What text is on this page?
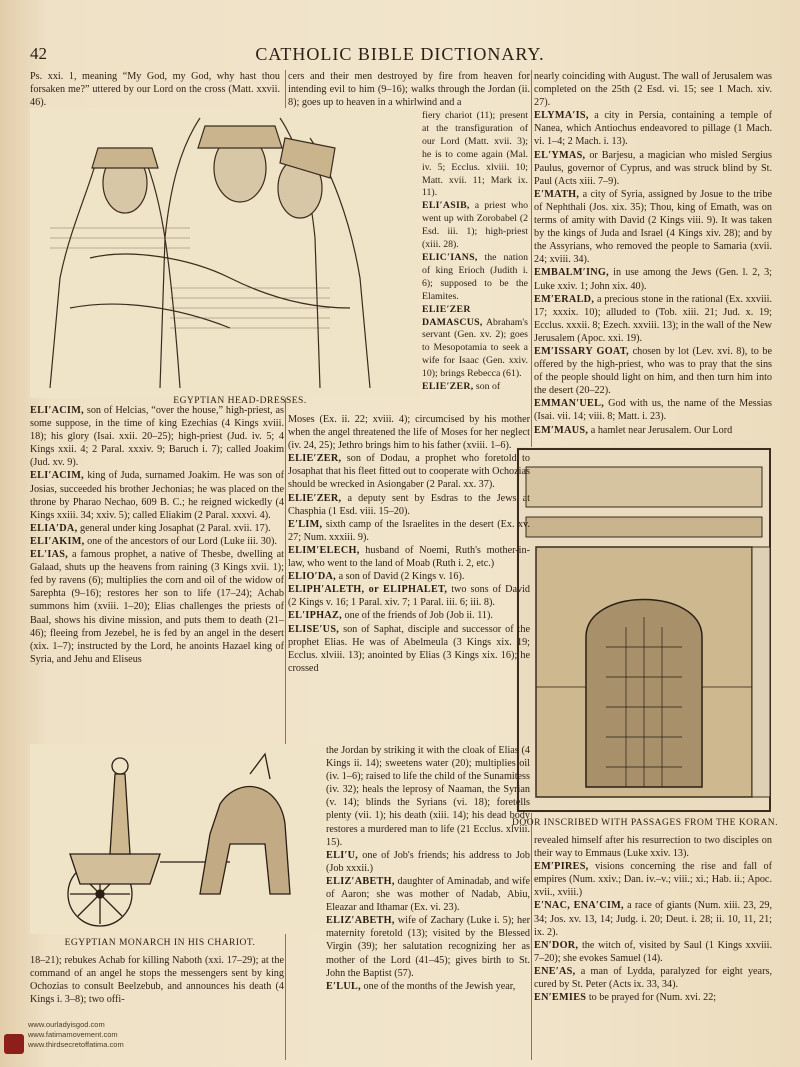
42	CATHOLIC BIBLE DICTIONARY.
EGYPTIAN HEAD-DRESSES.
DOOR INSCRIBED WITH PASSAGES FROM THE KORAN.
EGYPTIAN MONARCH IN HIS CHARIOT.

Ps. xxi. 1, meaning “My God, my God, why hast thou forsaken me?” uttered by our Lord on the cross (Matt. xxvii. 46).

ELI′ACIM, son of Helcias, “over the house,” high-priest, as some suppose, in the time of king Ezechias (4 Kings xviii. 18); his glory (Isai. xxii. 20–25); high-priest (Jud. iv. 5; 4 Kings xxii. 4; 2 Paral. xxxiv. 9; Baruch i. 7); called Joakim (Jud. xv. 9).

ELI′ACIM, king of Juda, surnamed Joakim. He was son of Josias, succeeded his brother Jechonias; he was placed on the throne by Pharao Nechao, 609 B. C.; he reigned wickedly (4 Kings xxiii. 34; xxiv. 5); called Eliakim (2 Paral. xxxvi. 4).

ELIA′DA, general under king Josaphat (2 Paral. xvii. 17).

ELI′AKIM, one of the ancestors of our Lord (Luke iii. 30).

EL′IAS, a famous prophet, a native of Thesbe, dwelling at Galaad, shuts up the heavens from raining (3 Kings xvii. 1); fed by ravens (6); multiplies the corn and oil of the widow of Sarephta (9–16); restores her son to life (17–24); Achab summons him (xviii. 1–20); Elias challenges the priests of Baal, shows his divine mission, and puts them to death (21–46); fleeing from Jezebel, he is fed by an angel in the desert (xix. 1–7); instructed by the Lord, he anoints Hazael king of Syria, and Jehu and Eliseus

18–21); rebukes Achab for killing Naboth (xxi. 17–29); at the command of an angel he stops the messengers sent by king Ochozias to consult Beelzebub, and announces his death (4 Kings i. 3–8); two offi-

cers and their men destroyed by fire from heaven for intending evil to him (9–16); walks through the Jordan (ii. 8); goes up to heaven in a whirlwind and a

fiery chariot (11); present at the transfiguration of our Lord (Matt. xvii. 3); he is to come again (Mal. iv. 5; Ecclus. xlviii. 10; Matt. xvii. 11; Mark ix. 11).

ELI′ASIB, a priest who went up with Zorobabel (2 Esd. iii. 1); high-priest (xiii. 28).

ELIC′IANS, the nation of king Erioch (Judith i. 6); supposed to be the Elamites.

ELIE′ZER DAMASCUS, Abraham's servant (Gen. xv. 2); goes to Mesopotamia to seek a wife for Isaac (Gen. xxiv. 10); brings Rebecca (61).

ELIE′ZER, son of

Moses (Ex. ii. 22; xviii. 4); circumcised by his mother when the angel threatened the life of Moses for her neglect (iv. 24, 25); Jethro brings him to his father (xviii. 1–6).

ELIE′ZER, son of Dodau, a prophet who foretold to Josaphat that his fleet fitted out to cooperate with Ochozias should be wrecked in Asiongaber (2 Paral. xx. 37).

ELIE′ZER, a deputy sent by Esdras to the Jews at Chasphia (1 Esd. viii. 15–20).

E′LIM, sixth camp of the Israelites in the desert (Ex. xv. 27; Num. xxxiii. 9).

ELIM′ELECH, husband of Noemi, Ruth's mother-in-law, who went to the land of Moab (Ruth i. 2, etc.)

ELIO′DA, a son of David (2 Kings v. 16).

ELIPH′ALETH, or ELIPHALET, two sons of David (2 Kings v. 16; 1 Paral. xiv. 7; 1 Paral. iii. 6; iii. 8).

EL′IPHAZ, one of the friends of Job (Job ii. 11).

ELISE′US, son of Saphat, disciple and successor of the prophet Elias. He was of Abelmeula (3 Kings xix. 19; Ecclus. xlviii. 13); anointed by Elias (3 Kings xix. 16); he crossed

the Jordan by striking it with the cloak of Elias (4 Kings ii. 14); sweetens water (20); multiplies oil (iv. 1–6); raised to life the child of the Sunamitess (iv. 32); heals the leprosy of Naaman, the Syrian (v. 14); blinds the Syrians (vi. 18); foretells plenty (vii. 1); his death (xiii. 14); his dead body restores a murdered man to life (21 Ecclus. xlviii. 15).

ELI′U, one of Job's friends; his address to Job (Job xxxii.)

ELIZ′ABETH, daughter of Aminadab, and wife of Aaron; she was mother of Nadab, Abiu, Eleazar and Ithamar (Ex. vi. 23).

ELIZ′ABETH, wife of Zachary (Luke i. 5); her maternity foretold (13); visited by the Blessed Virgin (39); her salutation recognizing her as mother of the Lord (41–45); gives birth to St. John the Baptist (57).

E′LUL, one of the months of the Jewish year,

nearly coinciding with August. The wall of Jerusalem was completed on the 25th (2 Esd. vi. 15; see 1 Mach. xiv. 27).

ELYMA′IS, a city in Persia, containing a temple of Nanea, which Antiochus endeavored to pillage (1 Mach. vi. 1–4; 2 Mach. i. 13).

EL′YMAS, or Barjesu, a magician who misled Sergius Paulus, governor of Cyprus, and was struck blind by St. Paul (Acts xiii. 7–9).

E′MATH, a city of Syria, assigned by Josue to the tribe of Nephthali (Jos. xix. 35); Thou, king of Emath, was on terms of amity with David (2 Kings viii. 9). It was taken by the kings of Juda and Israel (4 Kings xiv. 28); and by the Assyrians, who removed the people to Samaria (xvii. 24; xviii. 34).

EMBALM′ING, in use among the Jews (Gen. l. 2, 3; Luke xxiv. 1; John xix. 40).

EM′ERALD, a precious stone in the rational (Ex. xxviii. 17; xxxix. 10); alluded to (Tob. xiii. 21; Jud. x. 19; Ecclus. xxxii. 8; Ezech. xxviii. 13); in the wall of the New Jerusalem (Apoc. xxi. 19).

EM′ISSARY GOAT, chosen by lot (Lev. xvi. 8), to be offered by the high-priest, who was to pray that the sins of the people should light on him, and then turn him into the desert (20–22).

EMMAN′UEL, God with us, the name of the Messias (Isai. vii. 14; viii. 8; Matt. i. 23).

EM′MAUS, a hamlet near Jerusalem. Our Lord

revealed himself after his resurrection to two disciples on their way to Emmaus (Luke xxiv. 13).

EM′PIRES, visions concerning the rise and fall of empires (Num. xxiv.; Dan. iv.–v.; viii.; xi.; Hab. ii.; Apoc. xvii., xviii.)

E′NAC, ENA′CIM, a race of giants (Num. xiii. 23, 29, 34; Jos. xv. 13, 14; Judg. i. 20; Deut. i. 28; ii. 10, 11, 21; ix. 2).

EN′DOR, the witch of, visited by Saul (1 Kings xxviii. 7–20); she evokes Samuel (14).

ENE′AS, a man of Lydda, paralyzed for eight years, cured by St. Peter (Acts ix. 33, 34).

EN′EMIES to be prayed for (Num. xvi. 22;

www.ourladyisgod.com
www.fatimamovement.com
www.thirdsecretoffatima.com
